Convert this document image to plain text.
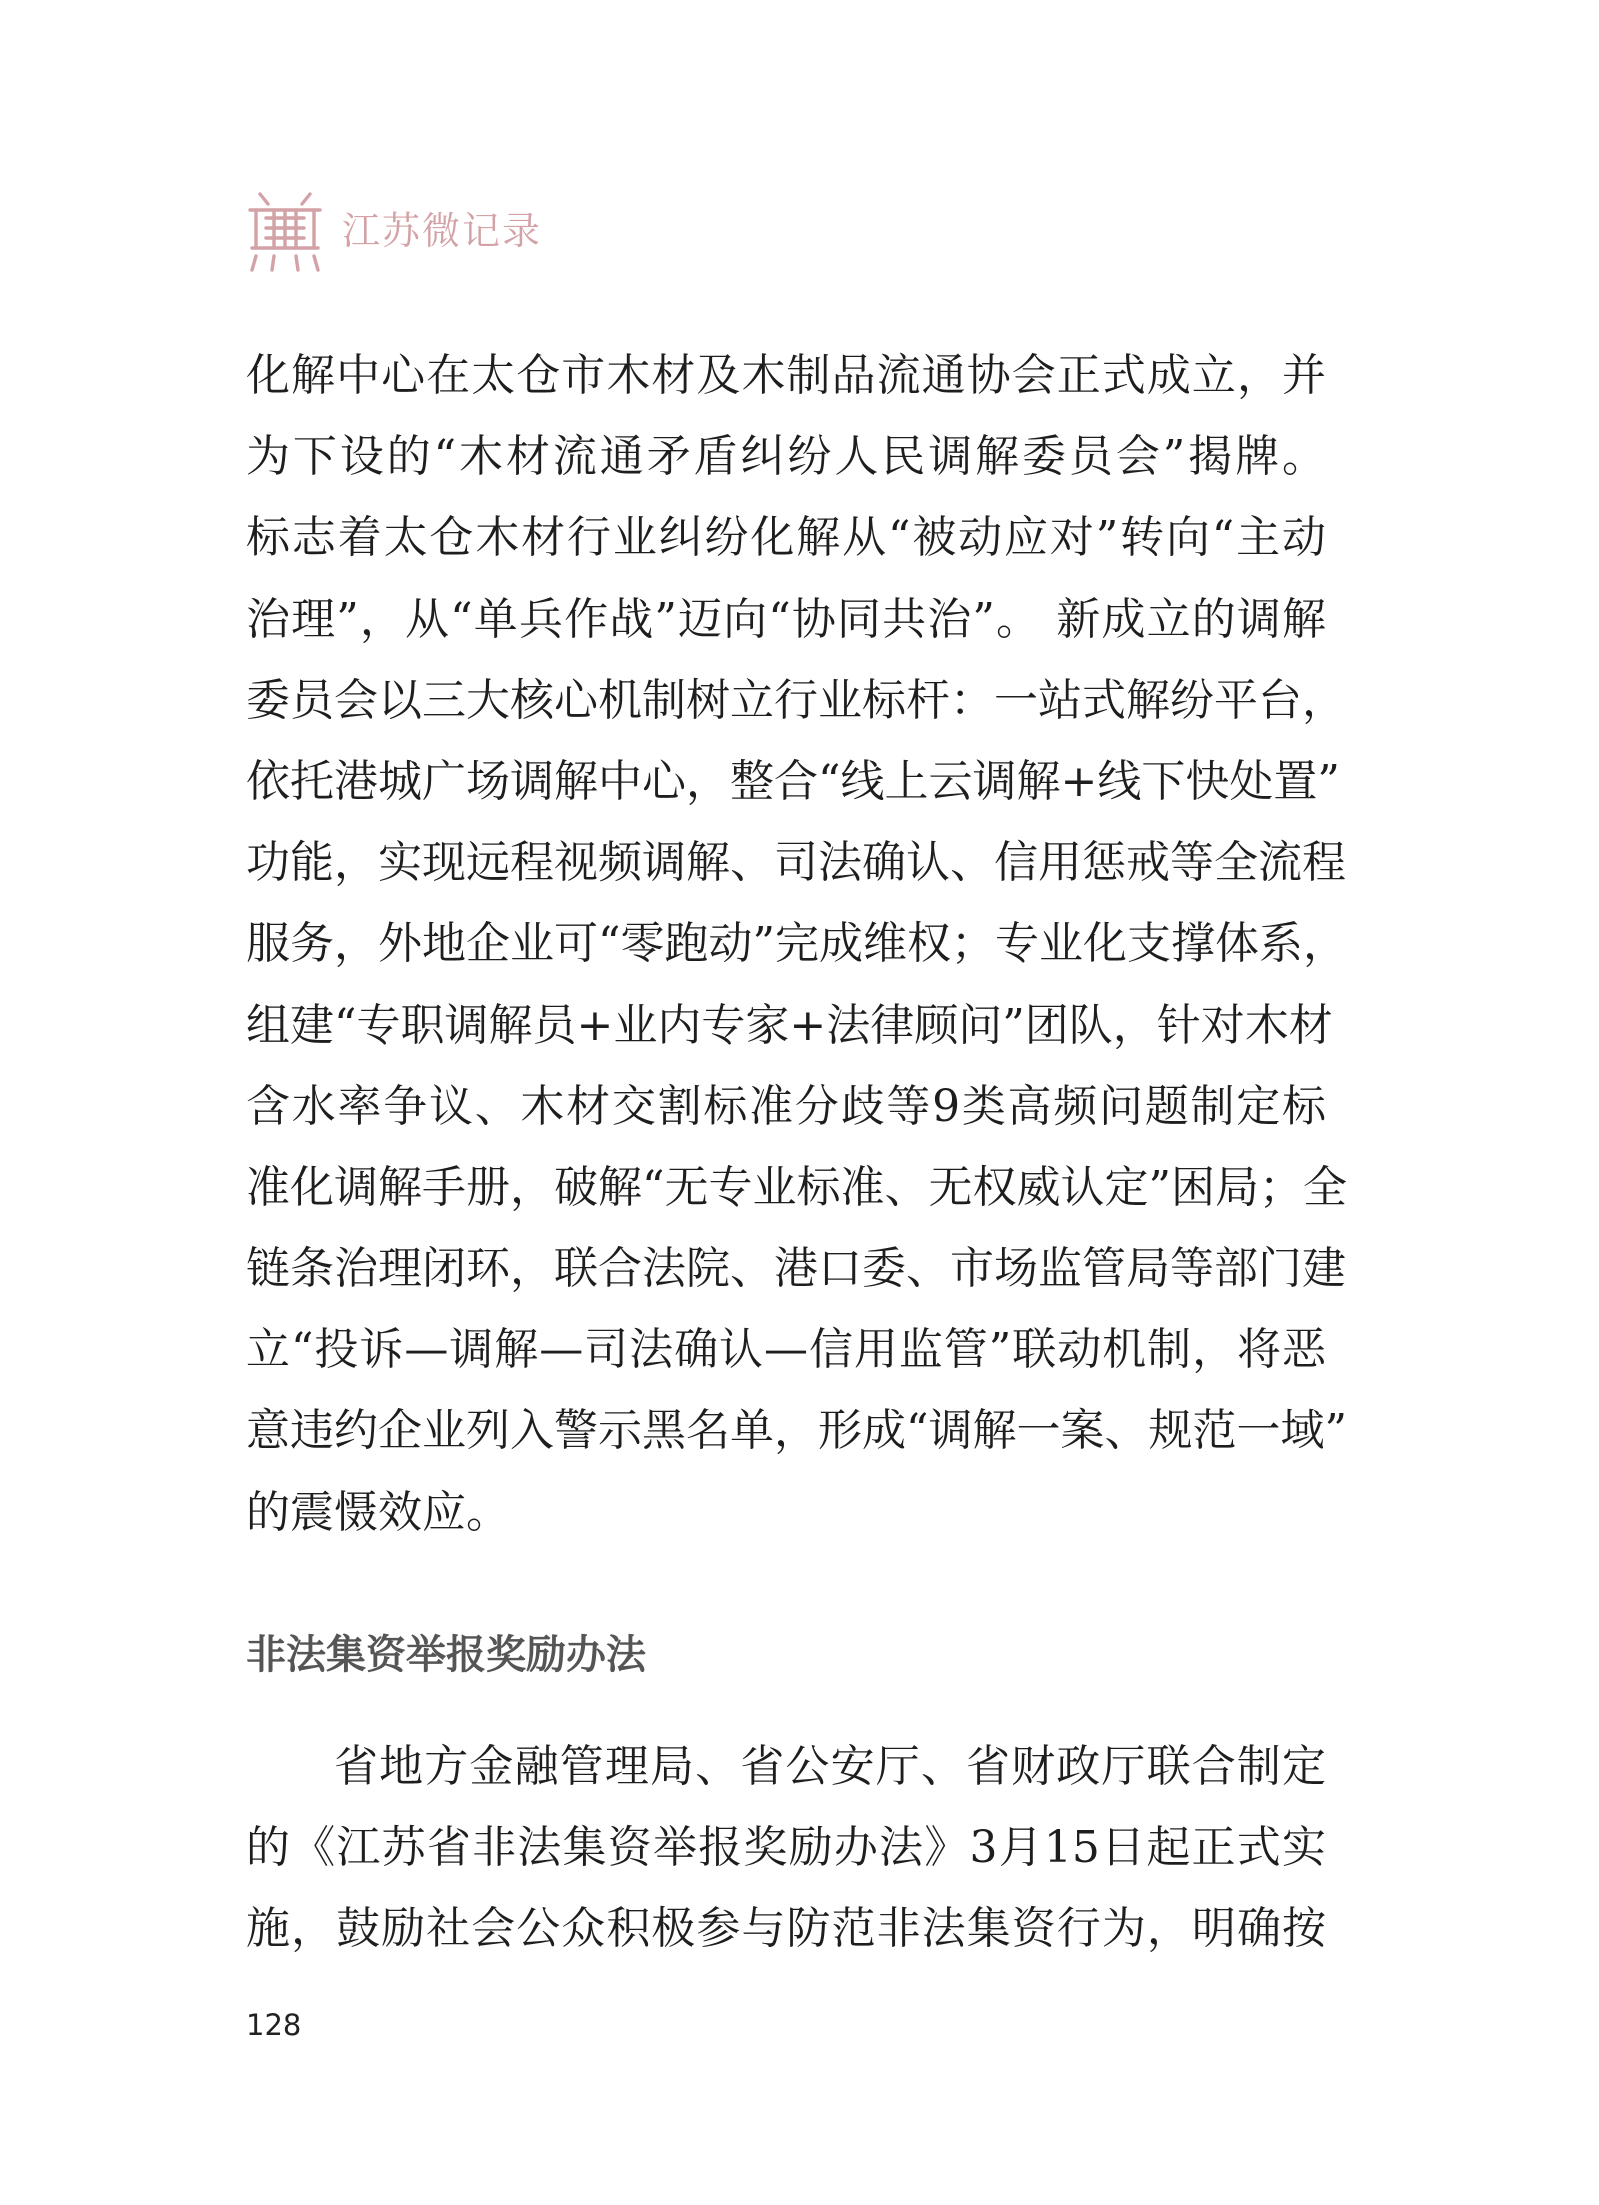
江苏微记录
化解中心在太仓市木材及木制品流通协会正式成立，并
为下设的“木材流通矛盾纠纷人民调解委员会”揭牌。
标志着太仓木材行业纠纷化解从“被动应对”转向“主动
治理”，从“单兵作战”迈向“协同共治”。 新成立的调解
委员会以三大核心机制树立行业标杆：一站式解纷平台，
依托港城广场调解中心，整合“线上云调解+线下快处置”
功能，实现远程视频调解、司法确认、信用惩戒等全流程
服务，外地企业可“零跑动”完成维权；专业化支撑体系，
组建“专职调解员+业内专家+法律顾问”团队，针对木材
含水率争议、木材交割标准分歧等9类高频问题制定标
准化调解手册，破解“无专业标准、无权威认定”困局；全
链条治理闭环，联合法院、港口委、市场监管局等部门建
立“投诉—调解—司法确认—信用监管”联动机制，将恶
意违约企业列入警示黑名单，形成“调解一案、规范一域”
的震慑效应。
非法集资举报奖励办法
省地方金融管理局、省公安厅、省财政厅联合制定
的《江苏省非法集资举报奖励办法》3月15日起正式实
施，鼓励社会公众积极参与防范非法集资行为，明确按
128
